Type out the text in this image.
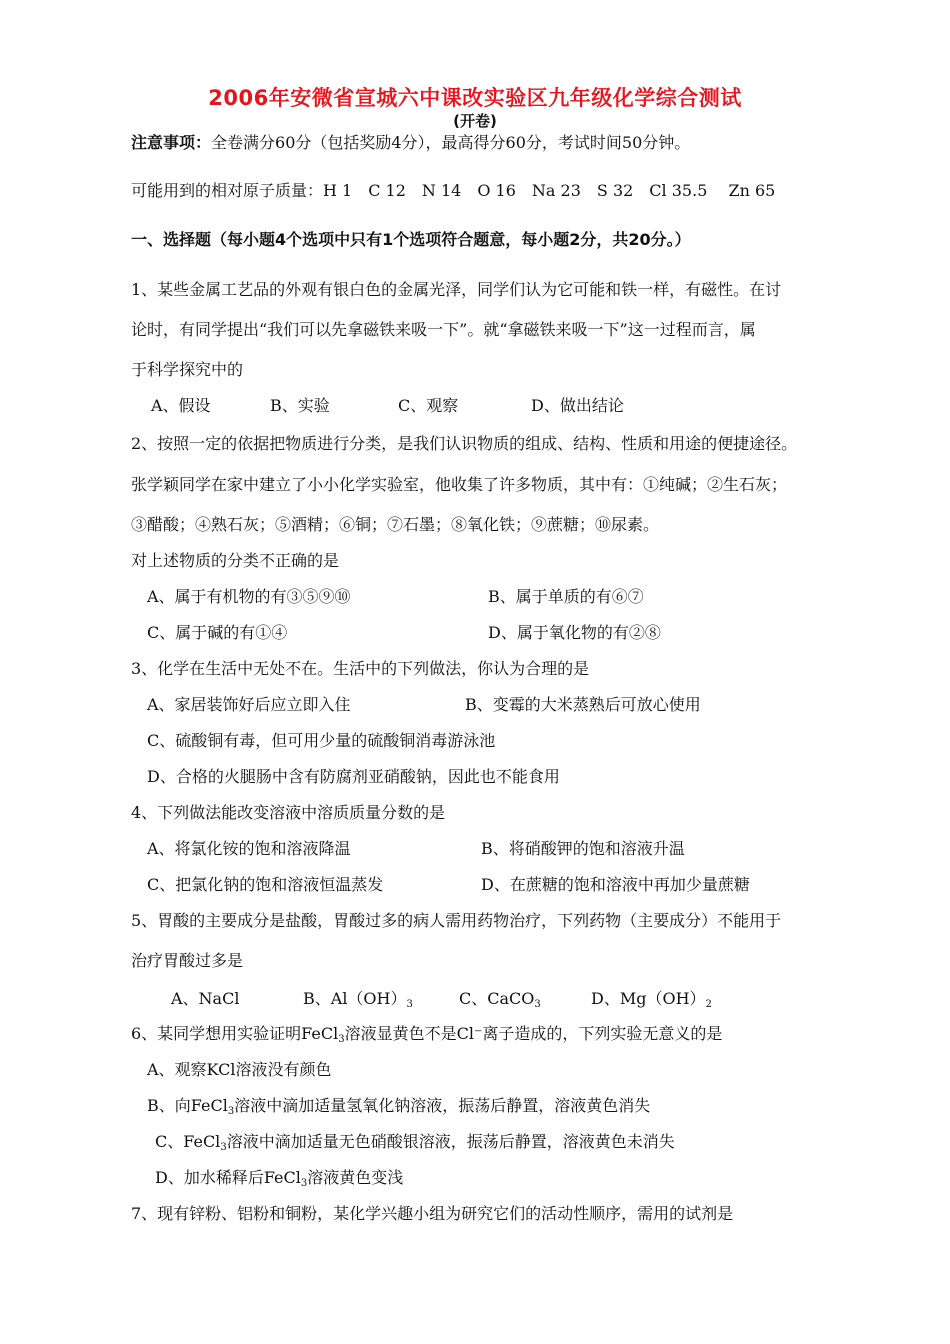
2006年安微省宣城六中课改实验区九年级化学综合测试
(开卷)
注意事项：全卷满分60分（包括奖励4分），最高得分60分，考试时间50分钟。
可能用到的相对原子质量：H 1　C 12　N 14　O 16　Na 23　S 32　Cl 35.5　 Zn 65
一、选择题（每小题4个选项中只有1个选项符合题意，每小题2分，共20分。）
1、某些金属工艺品的外观有银白色的金属光泽，同学们认为它可能和铁一样，有磁性。在讨
论时，有同学提出“我们可以先拿磁铁来吸一下”。就“拿磁铁来吸一下”这一过程而言，属
于科学探究中的
A、假设	B、实验	C、观察	D、做出结论
2、按照一定的依据把物质进行分类，是我们认识物质的组成、结构、性质和用途的便捷途径。
张学颖同学在家中建立了小小化学实验室，他收集了许多物质，其中有：①纯碱；②生石灰；
③醋酸；④熟石灰；⑤酒精；⑥铜；⑦石墨；⑧氧化铁；⑨蔗糖；⑩尿素。
对上述物质的分类不正确的是
A、属于有机物的有③⑤⑨⑩	B、属于单质的有⑥⑦
C、属于碱的有①④	D、属于氧化物的有②⑧
3、化学在生活中无处不在。生活中的下列做法，你认为合理的是
A、家居装饰好后应立即入住	B、变霉的大米蒸熟后可放心使用
C、硫酸铜有毒，但可用少量的硫酸铜消毒游泳池
D、合格的火腿肠中含有防腐剂亚硝酸钠，因此也不能食用
4、下列做法能改变溶液中溶质质量分数的是
A、将氯化铵的饱和溶液降温	B、将硝酸钾的饱和溶液升温
C、把氯化钠的饱和溶液恒温蒸发	D、在蔗糖的饱和溶液中再加少量蔗糖
5、胃酸的主要成分是盐酸，胃酸过多的病人需用药物治疗，下列药物（主要成分）不能用于
治疗胃酸过多是
A、NaCl	B、$Al(OH)_3$	C、CaCO$_3$	D、$Mg(OH)_2$
6、某同学想用实验证明FeCl$_3$溶液显黄色不是Cl⁻离子造成的，下列实验无意义的是
A、观察KCl溶液没有颜色
B、向FeCl$_3$溶液中滴加适量氢氧化钠溶液，振荡后静置，溶液黄色消失
C、FeCl$_3$溶液中滴加适量无色硝酸银溶液，振荡后静置，溶液黄色未消失
D、加水稀释后FeCl$_3$溶液黄色变浅
7、现有锌粉、铝粉和铜粉，某化学兴趣小组为研究它们的活动性顺序，需用的试剂是
